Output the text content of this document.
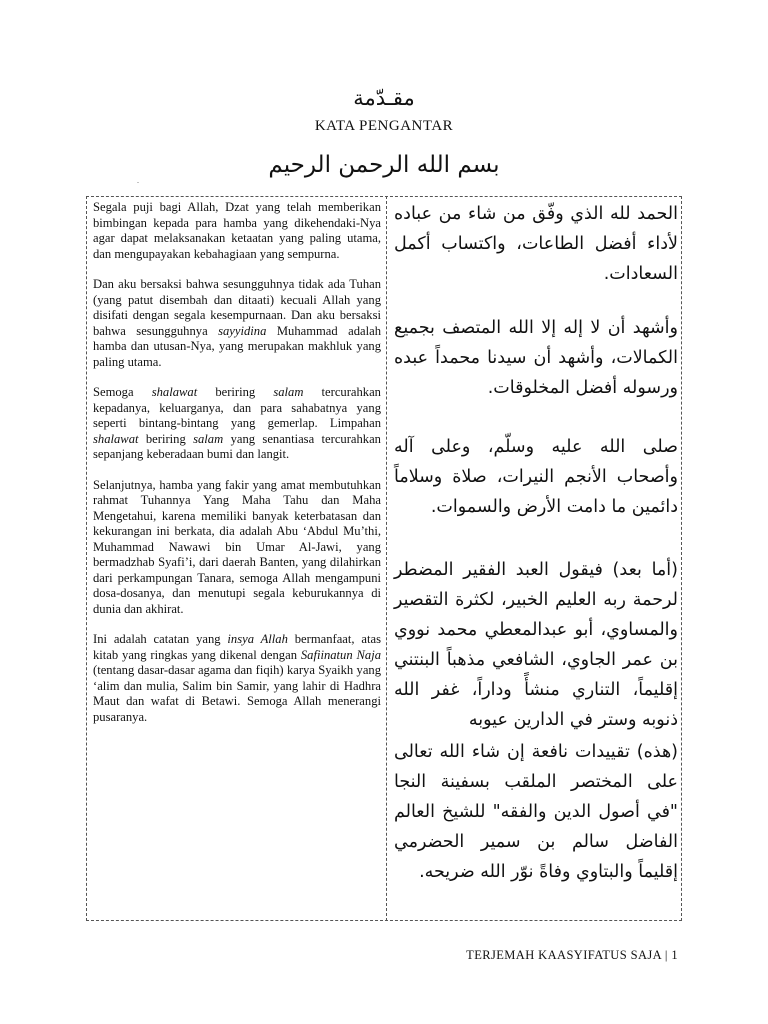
مقـدّمة
KATA PENGANTAR
بسم الله الرحمن الرحيم
.

Segala puji bagi Allah, Dzat yang telah memberikan bimbingan kepada para hamba yang dikehendaki-Nya agar dapat melaksanakan ketaatan yang paling utama, dan mengupayakan kebahagiaan yang sempurna.

Dan aku bersaksi bahwa sesungguhnya tidak ada Tuhan (yang patut disembah dan ditaati) kecuali Allah yang disifati dengan segala kesempurnaan. Dan aku bersaksi bahwa sesungguhnya sayyidina Muhammad adalah hamba dan utusan-Nya, yang merupakan makhluk yang paling utama.

Semoga shalawat beriring salam tercurahkan kepadanya, keluarganya, dan para sahabatnya yang seperti bintang-bintang yang gemerlap. Limpahan shalawat beriring salam yang senantiasa tercurahkan sepanjang keberadaan bumi dan langit.

Selanjutnya, hamba yang fakir yang amat membutuhkan rahmat Tuhannya Yang Maha Tahu dan Maha Mengetahui, karena memiliki banyak keterbatasan dan kekurangan ini berkata, dia adalah Abu ‘Abdul Mu’thi, Muhammad Nawawi bin Umar Al-Jawi, yang bermadzhab Syafi’i, dari daerah Banten, yang dilahirkan dari perkampungan Tanara, semoga Allah mengampuni dosa-dosanya, dan menutupi segala keburukannya di dunia dan akhirat.

Ini adalah catatan yang insya Allah bermanfaat, atas kitab yang ringkas yang dikenal dengan Safiinatun Naja (tentang dasar-dasar agama dan fiqih) karya Syaikh yang ‘alim dan mulia, Salim bin Samir, yang lahir di Hadhra Maut dan wafat di Betawi. Semoga Allah menerangi pusaranya.

الحمد لله الذي وفّق من شاء من عباده لأداء أفضل الطاعات، واكتساب أكمل السعادات.

وأشهد أن لا إله إلا الله المتصف بجميع الكمالات، وأشهد أن سيدنا محمداً عبده ورسوله أفضل المخلوقات.

صلى الله عليه وسلّم، وعلى آله وأصحاب الأنجم النيرات، صلاة وسلاماً دائمين ما دامت الأرض والسموات.

(أما بعد) فيقول العبد الفقير المضطر لرحمة ربه العليم الخبير، لكثرة التقصير والمساوي، أبو عبدالمعطي محمد نووي بن عمر الجاوي، الشافعي مذهباً البنتني إقليماً، التناري منشأً وداراً، غفر الله ذنوبه وستر في الدارين عيوبه

(هذه) تقييدات نافعة إن شاء الله تعالى على المختصر الملقب بسفينة النجا "في أصول الدين والفقه" للشيخ العالم الفاضل سالم بن سمير الحضرمي إقليماً والبتاوي وفاةً نوّر الله ضريحه.

TERJEMAH KAASYIFATUS SAJA | 1
